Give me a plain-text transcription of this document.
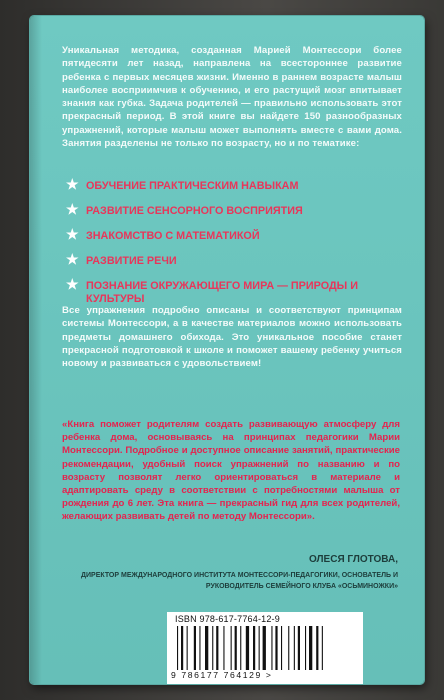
Уникальная методика, созданная Марией Монтессори более пятидесяти лет назад, направлена на всестороннее развитие ребенка с первых месяцев жизни. Именно в раннем возрасте малыш наиболее восприимчив к обучению, и его растущий мозг впитывает знания как губка. Задача родителей — правильно использовать этот прекрасный период. В этой книге вы найдете 150 разнообразных упражнений, которые малыш может выполнять вместе с вами дома. Занятия разделены не только по возрасту, но и по тематике:

★ ОБУЧЕНИЕ ПРАКТИЧЕСКИМ НАВЫКАМ
★ РАЗВИТИЕ СЕНСОРНОГО ВОСПРИЯТИЯ
★ ЗНАКОМСТВО С МАТЕМАТИКОЙ
★ РАЗВИТИЕ РЕЧИ
★ ПОЗНАНИЕ ОКРУЖАЮЩЕГО МИРА — ПРИРОДЫ И КУЛЬТУРЫ

Все упражнения подробно описаны и соответствуют принципам системы Монтессори, а в качестве материалов можно использовать предметы домашнего обихода. Это уникальное пособие станет прекрасной подготовкой к школе и поможет вашему ребенку учиться новому и развиваться с удовольствием!

«Книга поможет родителям создать развивающую атмосферу для ребенка дома, основываясь на принципах педагогики Марии Монтессори. Подробное и доступное описание занятий, практические рекомендации, удобный поиск упражнений по названию и по возрасту позволят легко ориентироваться в материале и адаптировать среду в соответствии с потребностями малыша от рождения до 6 лет. Эта книга — прекрасный гид для всех родителей, желающих развивать детей по методу Монтессори».

ОЛЕСЯ ГЛОТОВА,

ДИРЕКТОР МЕЖДУНАРОДНОГО ИНСТИТУТА МОНТЕССОРИ-ПЕДАГОГИКИ, ОСНОВАТЕЛЬ И РУКОВОДИТЕЛЬ СЕМЕЙНОГО КЛУБА «ОСЬМИНОЖКИ»

ISBN 978-617-7764-12-9

9 786177 764129 >
